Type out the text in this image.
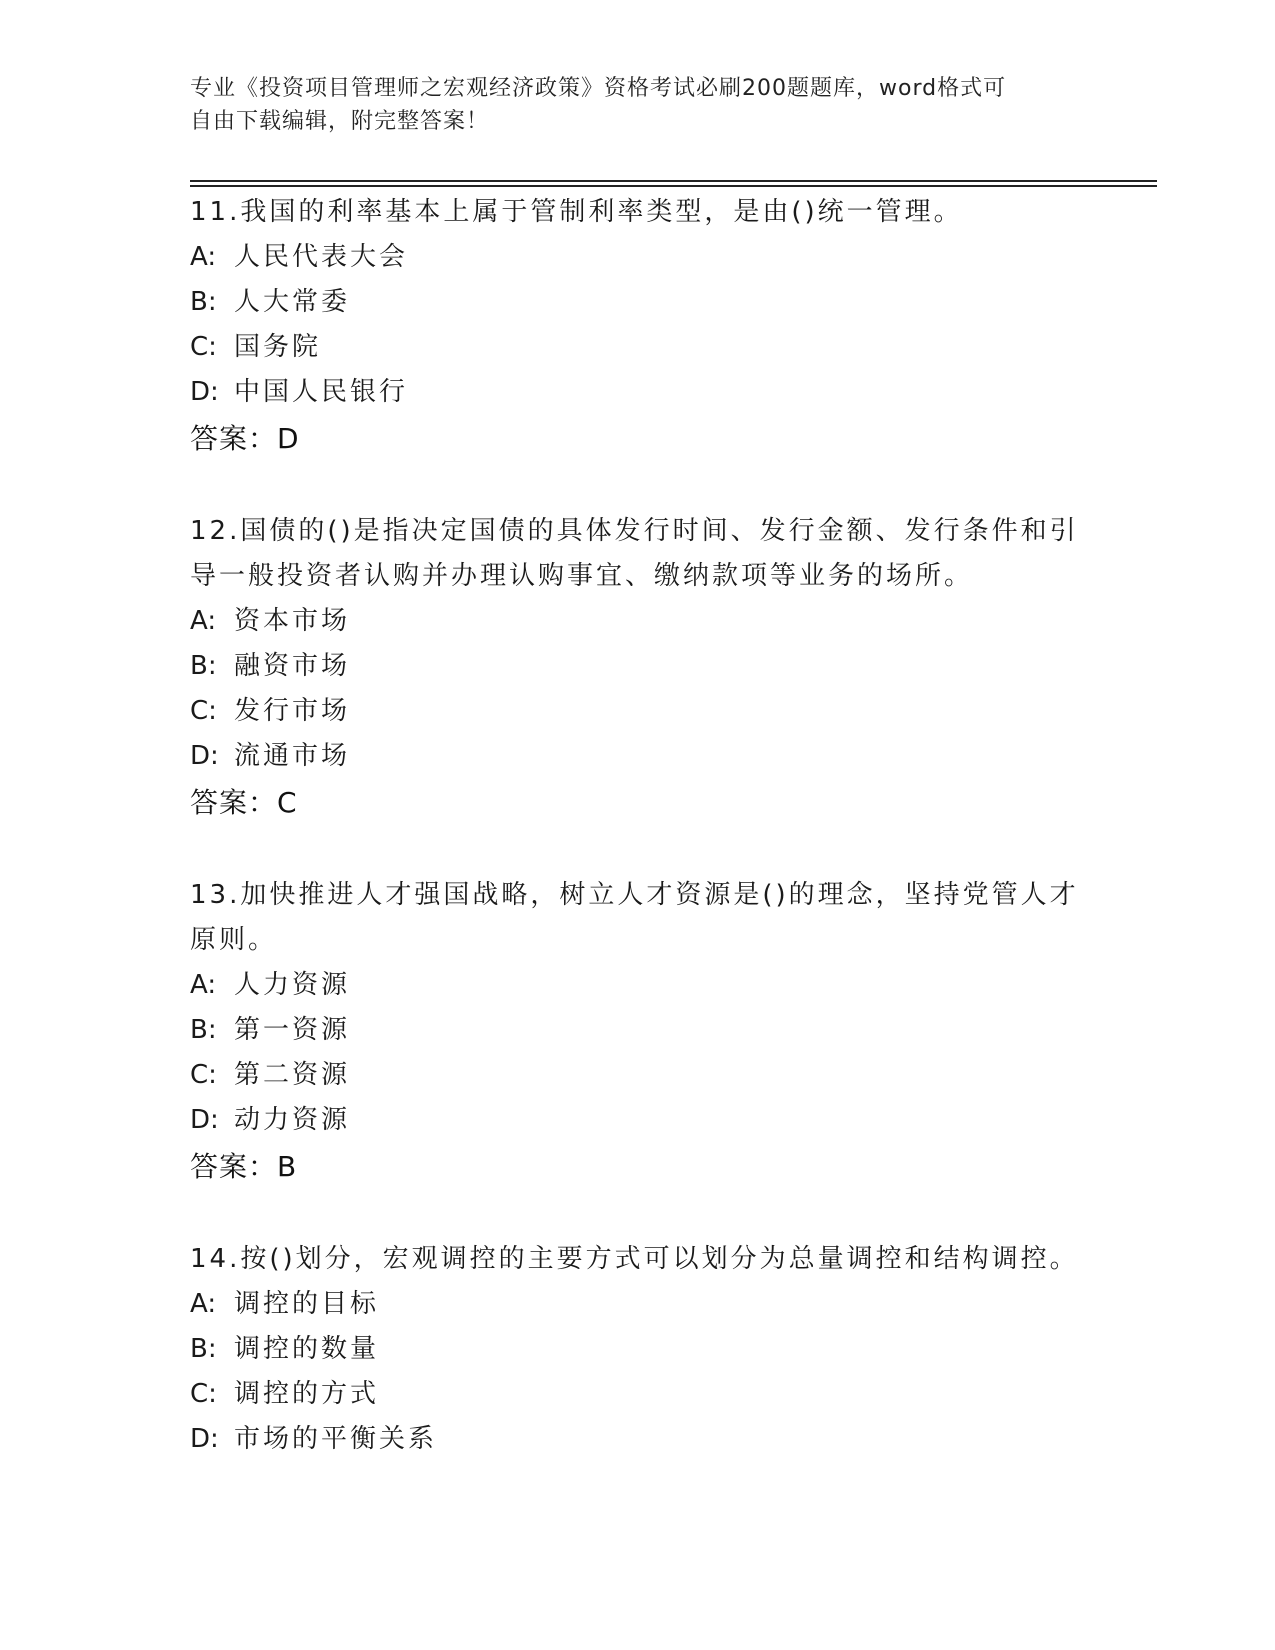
专业《投资项目管理师之宏观经济政策》资格考试必刷200题题库，word格式可
自由下载编辑，附完整答案！

11.我国的利率基本上属于管制利率类型，是由()统一管理。

A: 人民代表大会

B: 人大常委

C: 国务院

D: 中国人民银行

答案：D

12.国债的()是指决定国债的具体发行时间、发行金额、发行条件和引导一般投资者认购并办理认购事宜、缴纳款项等业务的场所。

A: 资本市场

B: 融资市场

C: 发行市场

D: 流通市场

答案：C

13.加快推进人才强国战略，树立人才资源是()的理念，坚持党管人才原则。

A: 人力资源

B: 第一资源

C: 第二资源

D: 动力资源

答案：B

14.按()划分，宏观调控的主要方式可以划分为总量调控和结构调控。

A: 调控的目标

B: 调控的数量

C: 调控的方式

D: 市场的平衡关系
